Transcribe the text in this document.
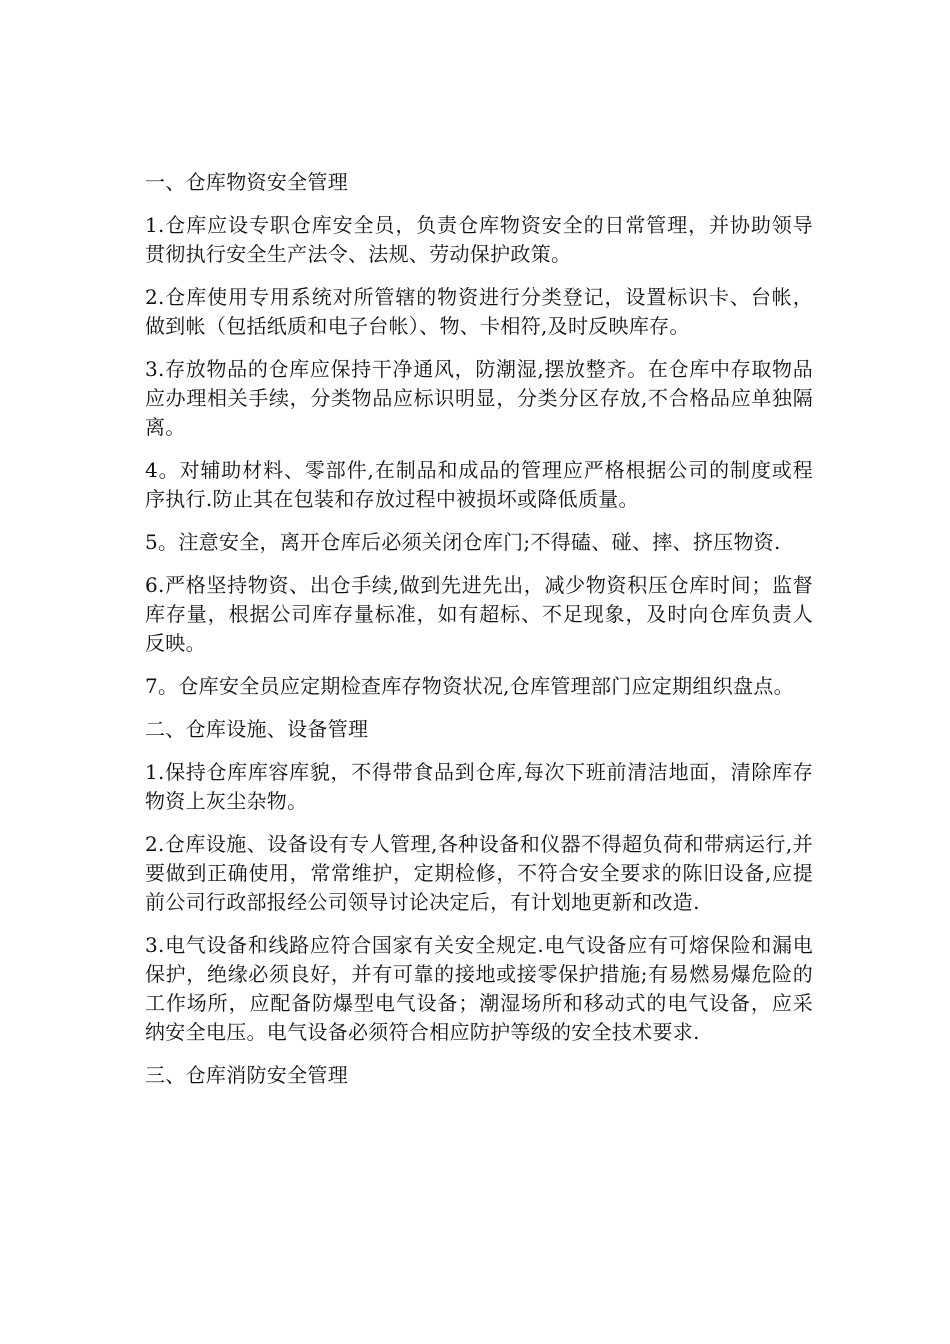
一、仓库物资安全管理

1.仓库应设专职仓库安全员，负责仓库物资安全的日常管理，并协助领导贯彻执行安全生产法令、法规、劳动保护政策。

2.仓库使用专用系统对所管辖的物资进行分类登记，设置标识卡、台帐，做到帐（包括纸质和电子台帐）、物、卡相符,及时反映库存。

3.存放物品的仓库应保持干净通风，防潮湿,摆放整齐。在仓库中存取物品应办理相关手续，分类物品应标识明显，分类分区存放,不合格品应单独隔离。

4。对辅助材料、零部件,在制品和成品的管理应严格根据公司的制度或程序执行.防止其在包装和存放过程中被损坏或降低质量。

5。注意安全，离开仓库后必须关闭仓库门;不得磕、碰、摔、挤压物资.

6.严格坚持物资、出仓手续,做到先进先出，减少物资积压仓库时间；监督库存量，根据公司库存量标准，如有超标、不足现象，及时向仓库负责人反映。

7。仓库安全员应定期检查库存物资状况,仓库管理部门应定期组织盘点。

二、仓库设施、设备管理

1.保持仓库库容库貌，不得带食品到仓库,每次下班前清洁地面，清除库存物资上灰尘杂物。

2.仓库设施、设备设有专人管理,各种设备和仪器不得超负荷和带病运行,并要做到正确使用，常常维护，定期检修，不符合安全要求的陈旧设备,应提前公司行政部报经公司领导讨论决定后，有计划地更新和改造.

3.电气设备和线路应符合国家有关安全规定.电气设备应有可熔保险和漏电保护，绝缘必须良好，并有可靠的接地或接零保护措施;有易燃易爆危险的工作场所，应配备防爆型电气设备；潮湿场所和移动式的电气设备，应采纳安全电压。电气设备必须符合相应防护等级的安全技术要求.

三、仓库消防安全管理
